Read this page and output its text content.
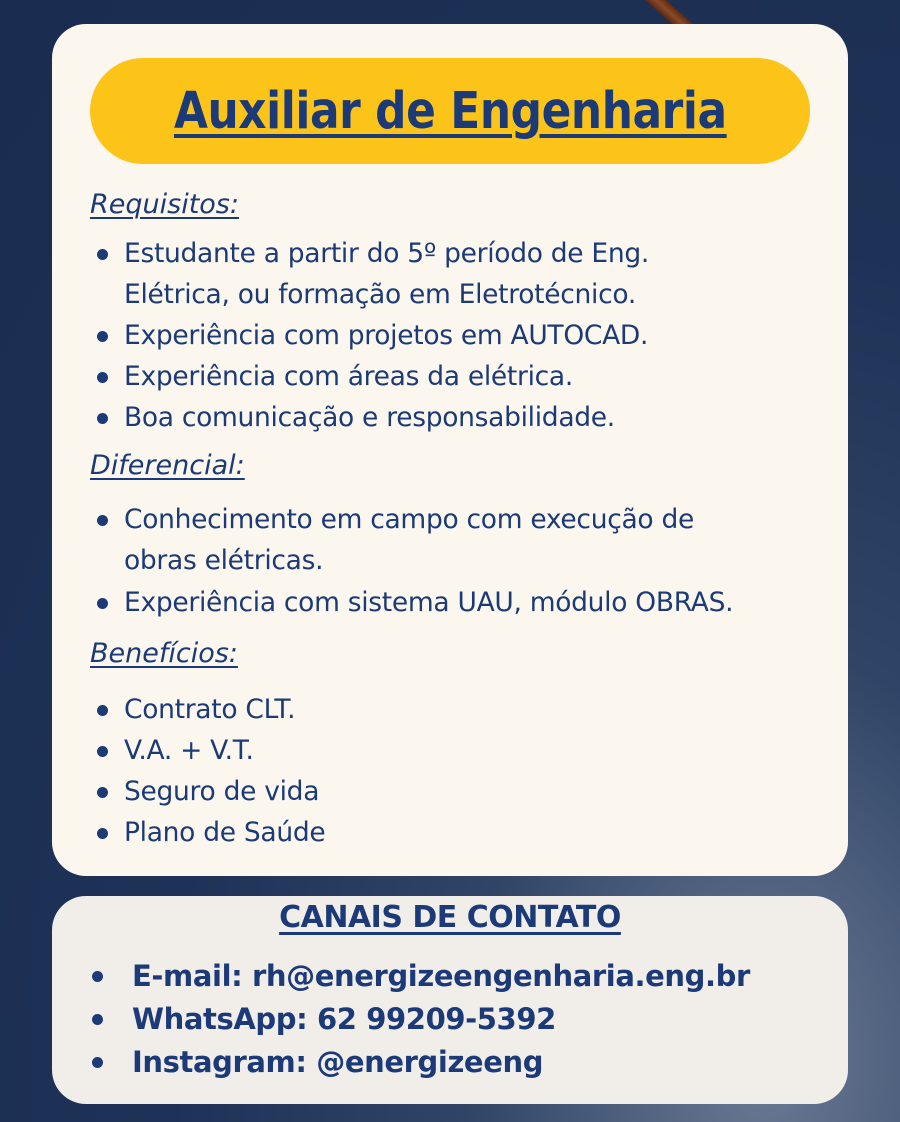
Auxiliar de Engenharia
Requisitos:
Estudante a partir do 5º período de Eng.
Elétrica, ou formação em Eletrotécnico.
Experiência com projetos em AUTOCAD.
Experiência com áreas da elétrica.
Boa comunicação e responsabilidade.
Diferencial:
Conhecimento em campo com execução de
obras elétricas.
Experiência com sistema UAU, módulo OBRAS.
Benefícios:
Contrato CLT.
V.A. + V.T.
Seguro de vida
Plano de Saúde
CANAIS DE CONTATO
E-mail: rh@energizeengenharia.eng.br
WhatsApp: 62 99209-5392
Instagram: @energizeeng
